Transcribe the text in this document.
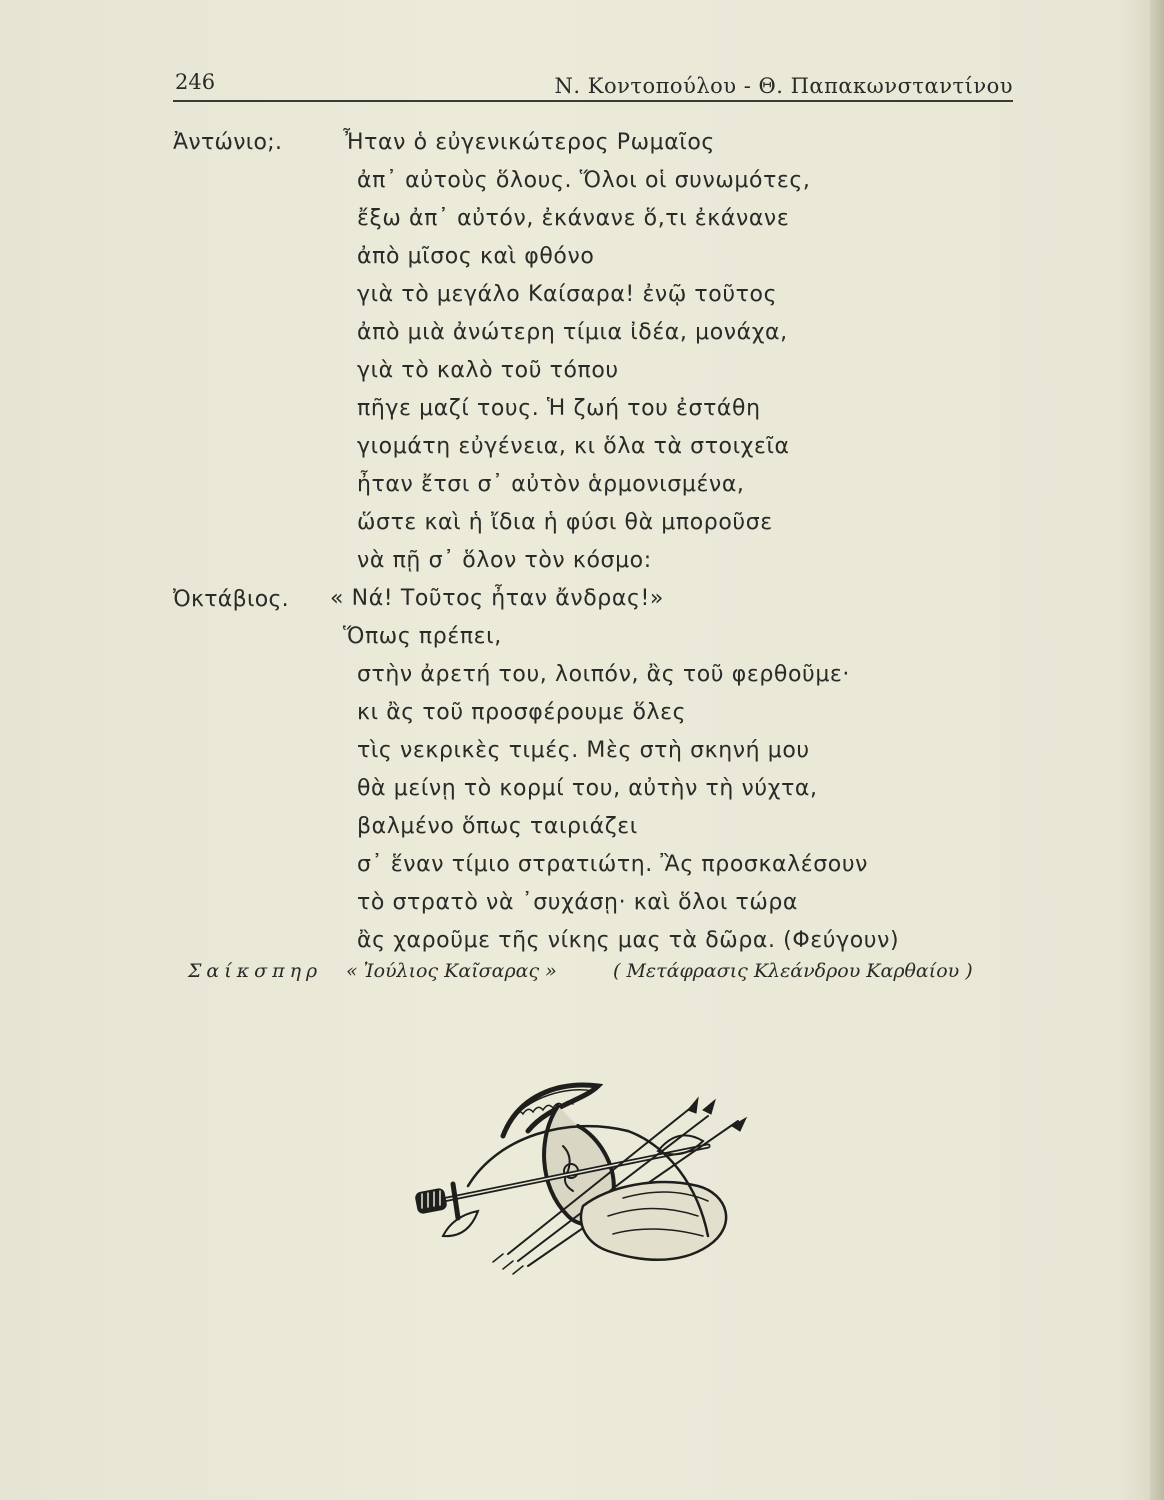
246	Ν. Κοντοπούλου - Θ. Παπακωνσταντίνου
Ἀντώνιο;.
Ὀκτάβιος.
Ἦταν ὁ εὐγενικώτερος Ρωμαῖος
ἀπ᾽ αὐτοὺς ὅλους. Ὅλοι οἱ συνωμότες,
ἔξω ἀπ᾽ αὐτόν, ἐκάνανε ὅ,τι ἐκάνανε
ἀπὸ μῖσος καὶ φθόνο
γιὰ τὸ μεγάλο Καίσαρα! ἐνῷ τοῦτος
ἀπὸ μιὰ ἀνώτερη τίμια ἰδέα, μονάχα,
γιὰ τὸ καλὸ τοῦ τόπου
πῆγε μαζί τους. Ἡ ζωή του ἐστάθη
γιομάτη εὐγένεια, κι ὅλα τὰ στοιχεῖα
ἦταν ἔτσι σ᾽ αὐτὸν ἁρμονισμένα,
ὥστε καὶ ἡ ἴδια ἡ φύσι θὰ μποροῦσε
νὰ πῇ σ᾽ ὅλον τὸν κόσμο:
« Νά! Τοῦτος ἦταν ἄνδρας!»
Ὅπως πρέπει,
στὴν ἀρετή του, λοιπόν, ἂς τοῦ φερθοῦμε·
κι ἂς τοῦ προσφέρουμε ὅλες
τὶς νεκρικὲς τιμές. Μὲς στὴ σκηνή μου
θὰ μείνῃ τὸ κορμί του, αὐτὴν τὴ νύχτα,
βαλμένο ὅπως ταιριάζει
σ᾽ ἕναν τίμιο στρατιώτη. Ἂς προσκαλέσουν
τὸ στρατὸ νὰ ᾽συχάσῃ· καὶ ὅλοι τώρα
ἂς χαροῦμε τῆς νίκης μας τὰ δῶρα. (Φεύγουν)
Σαίκσπηρ « Ἰούλιος Καῖσαρας »	( Μετάφρασις Κλεάνδρου Καρθαίου )
